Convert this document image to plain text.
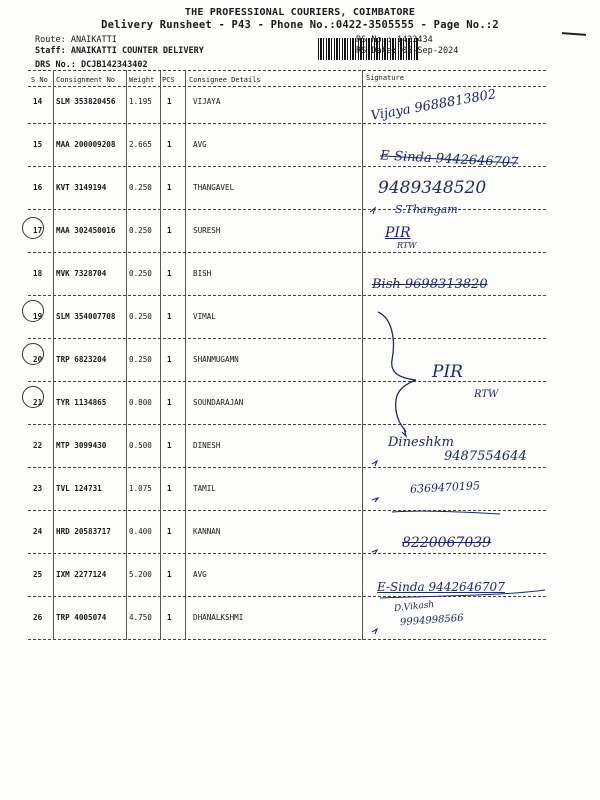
THE PROFESSIONAL COURIERS, COIMBATORE
Delivery Runsheet - P43 - Phone No.:0422-3505555 - Page No.:2
Route: ANAIKATTI
Staff: ANAIKATTI COUNTER DELIVERY
DRS No.: DCJB142343402
RS No.: 1423434
RS Date: 05-Sep-2024
S No Consignment No Weight PCS Consignee Details	Signature
14 SLM 353820456 1.195 1	VIJAYA
15 MAA 200009208 2.665 1	AVG
16 KVT 3149194	0.250 1	THANGAVEL
17 MAA 302450016 0.250 1	SURESH
18 MVK 7328704	0.250 1	BISH
19 SLM 354007708 0.250 1	VIMAL
20 TRP 6823204	0.250 1	SHANMUGAMN
21 TYR 1134865	0.800 1	SOUNDARAJAN
22 MTP 3099430	0.500 1	DINESH
23 TVL 124731	1.075 1	TAMIL
24 HRD 20583717 0.400 1	KANNAN
25 IXM 2277124	5.200 1	AVG
26 TRP 4005074	4.750 1	DHANALKSHMI
Vijaya 9688813802
E-Sinda 9442646707
9489348520
S.Thangam
PIR
RTW
Bish 9698313820
PIR
RTW
Dineshkm
9487554644
6369470195
8220067039
E-Sinda 9442646707
D.Vikash
9994998566
